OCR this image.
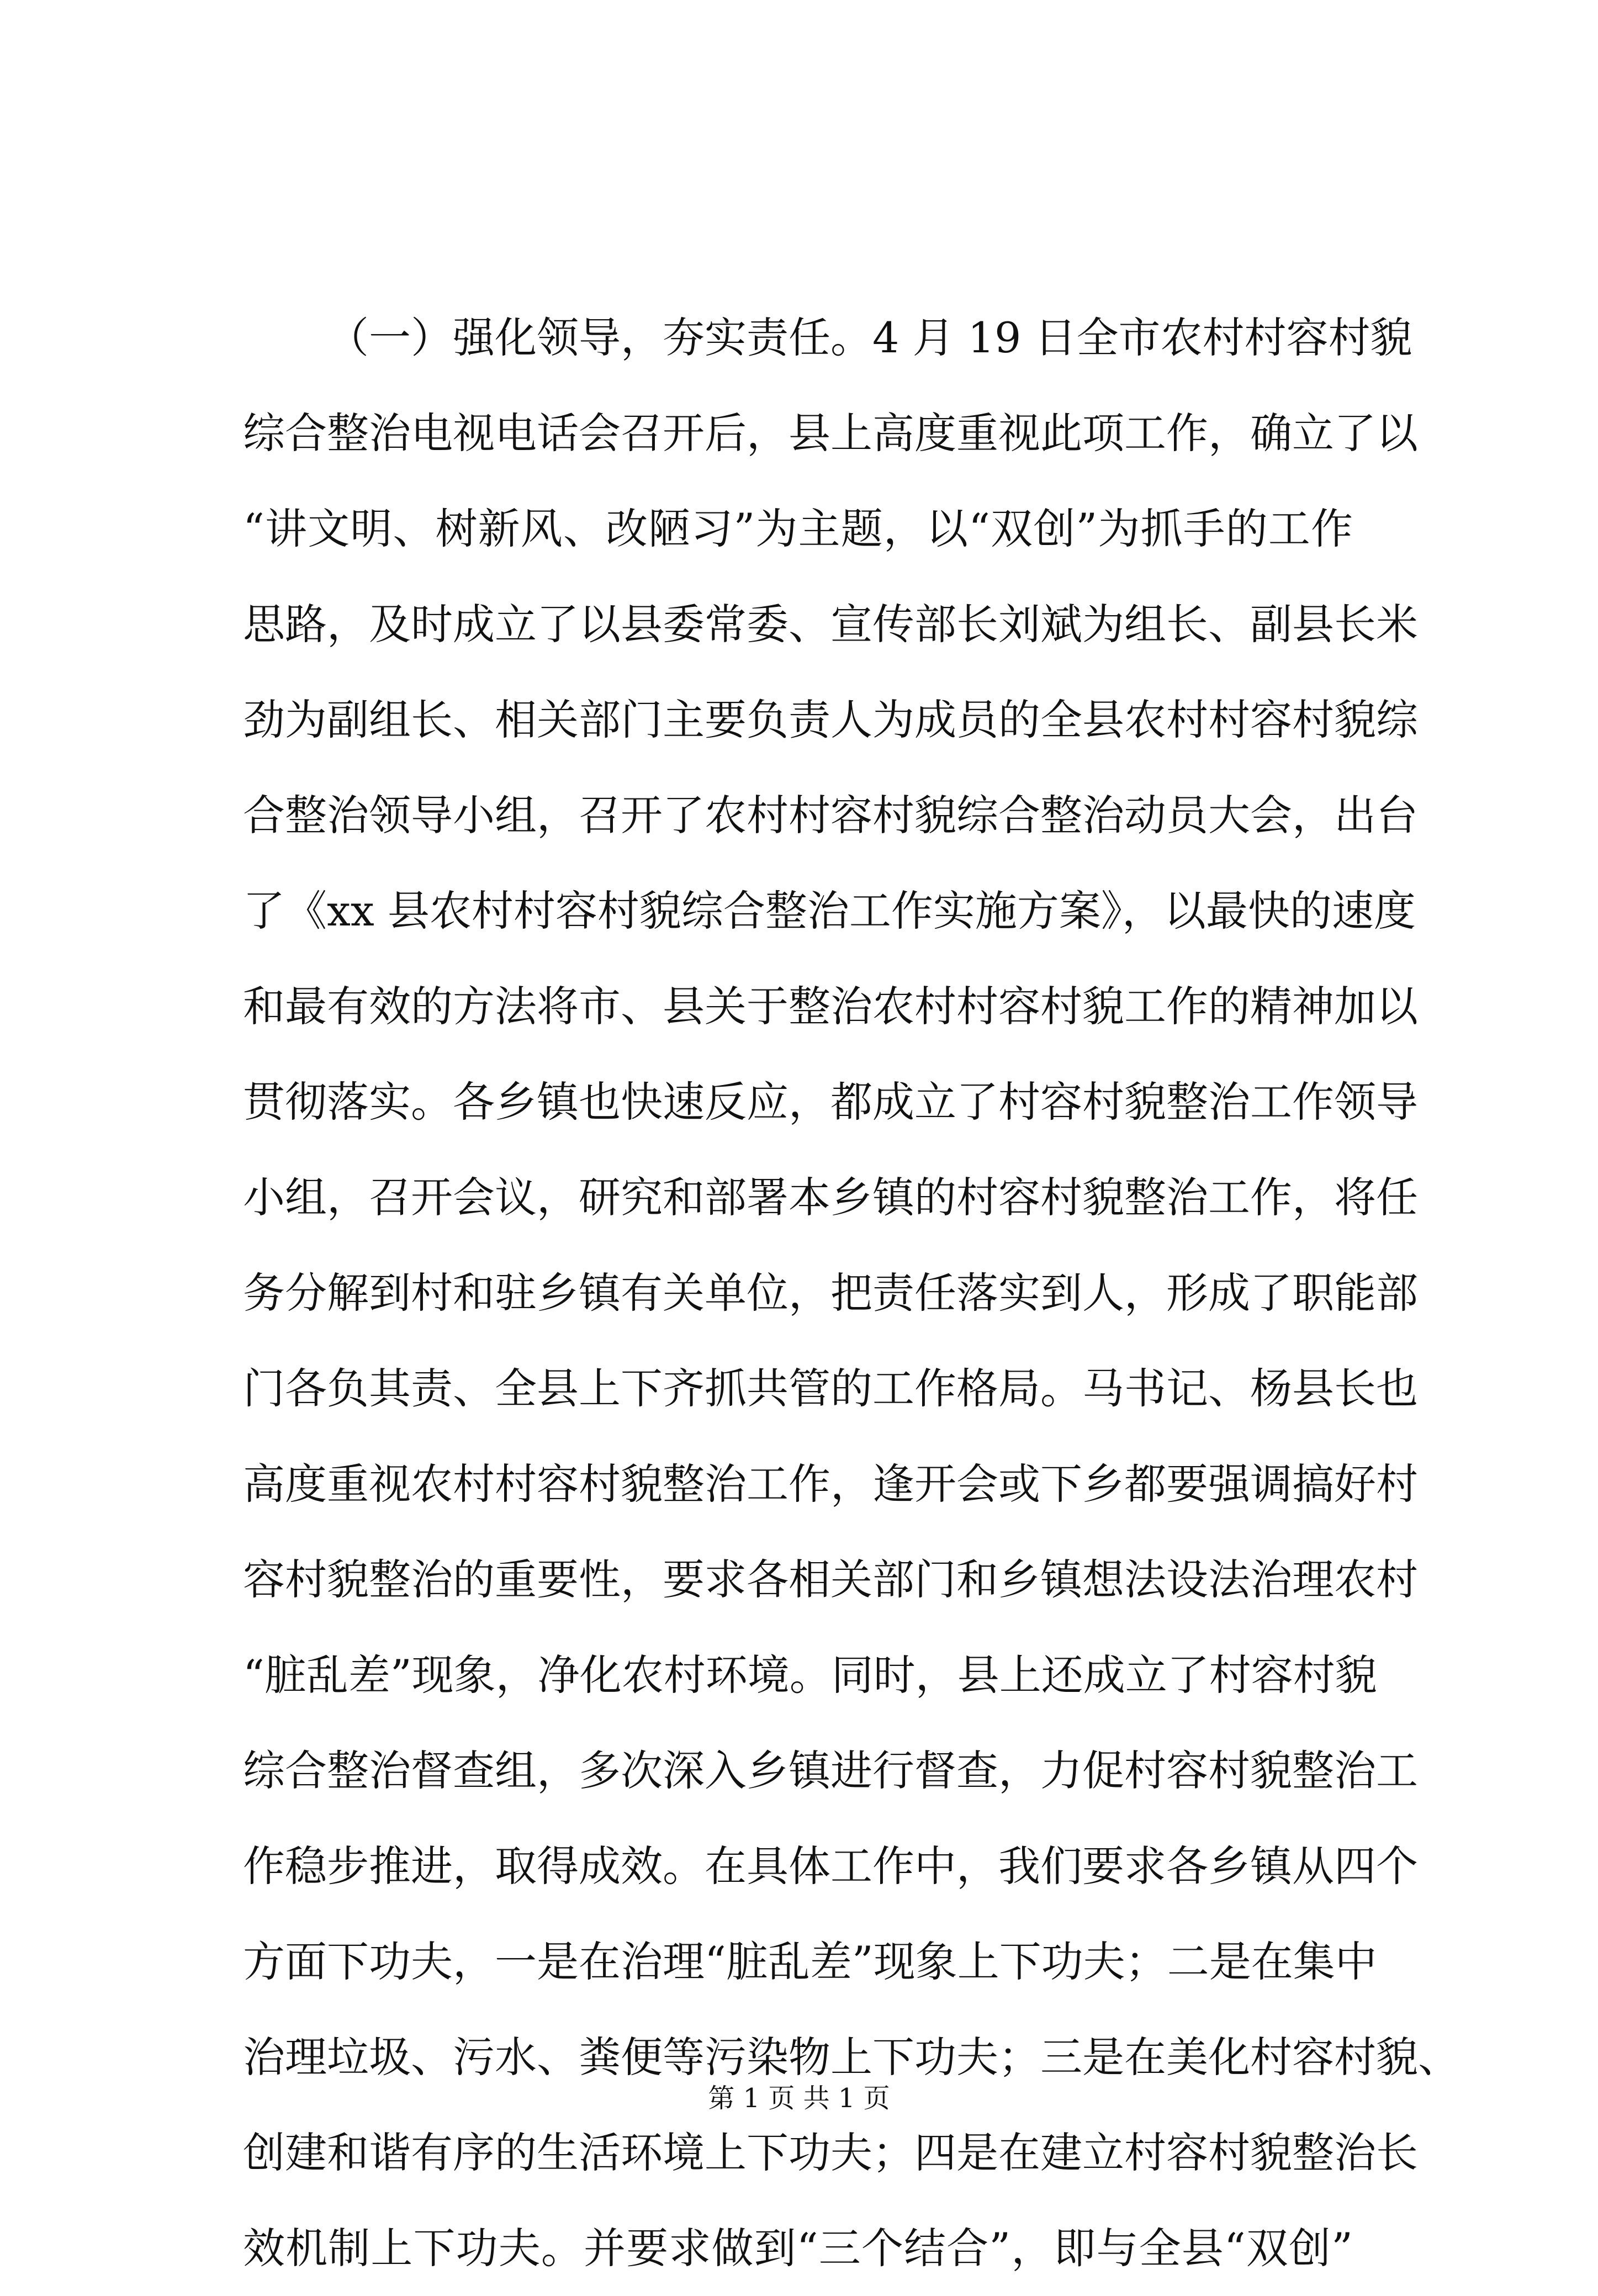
（一）强化领导，夯实责任。4 月 19 日全市农村村容村貌
综合整治电视电话会召开后，县上高度重视此项工作，确立了以
“讲文明、树新风、改陋习”为主题，以“双创”为抓手的工作
思路，及时成立了以县委常委、宣传部长刘斌为组长、副县长米
劲为副组长、相关部门主要负责人为成员的全县农村村容村貌综
合整治领导小组，召开了农村村容村貌综合整治动员大会，出台
了《xx 县农村村容村貌综合整治工作实施方案》，以最快的速度
和最有效的方法将市、县关于整治农村村容村貌工作的精神加以
贯彻落实。各乡镇也快速反应，都成立了村容村貌整治工作领导
小组，召开会议，研究和部署本乡镇的村容村貌整治工作，将任
务分解到村和驻乡镇有关单位，把责任落实到人，形成了职能部
门各负其责、全县上下齐抓共管的工作格局。马书记、杨县长也
高度重视农村村容村貌整治工作，逢开会或下乡都要强调搞好村
容村貌整治的重要性，要求各相关部门和乡镇想法设法治理农村
“脏乱差”现象，净化农村环境。同时，县上还成立了村容村貌
综合整治督查组，多次深入乡镇进行督查，力促村容村貌整治工
作稳步推进，取得成效。在具体工作中，我们要求各乡镇从四个
方面下功夫，一是在治理“脏乱差”现象上下功夫；二是在集中
治理垃圾、污水、粪便等污染物上下功夫；三是在美化村容村貌、
创建和谐有序的生活环境上下功夫；四是在建立村容村貌整治长
效机制上下功夫。并要求做到“三个结合”，即与全县“双创”
第 1 页 共 1 页
